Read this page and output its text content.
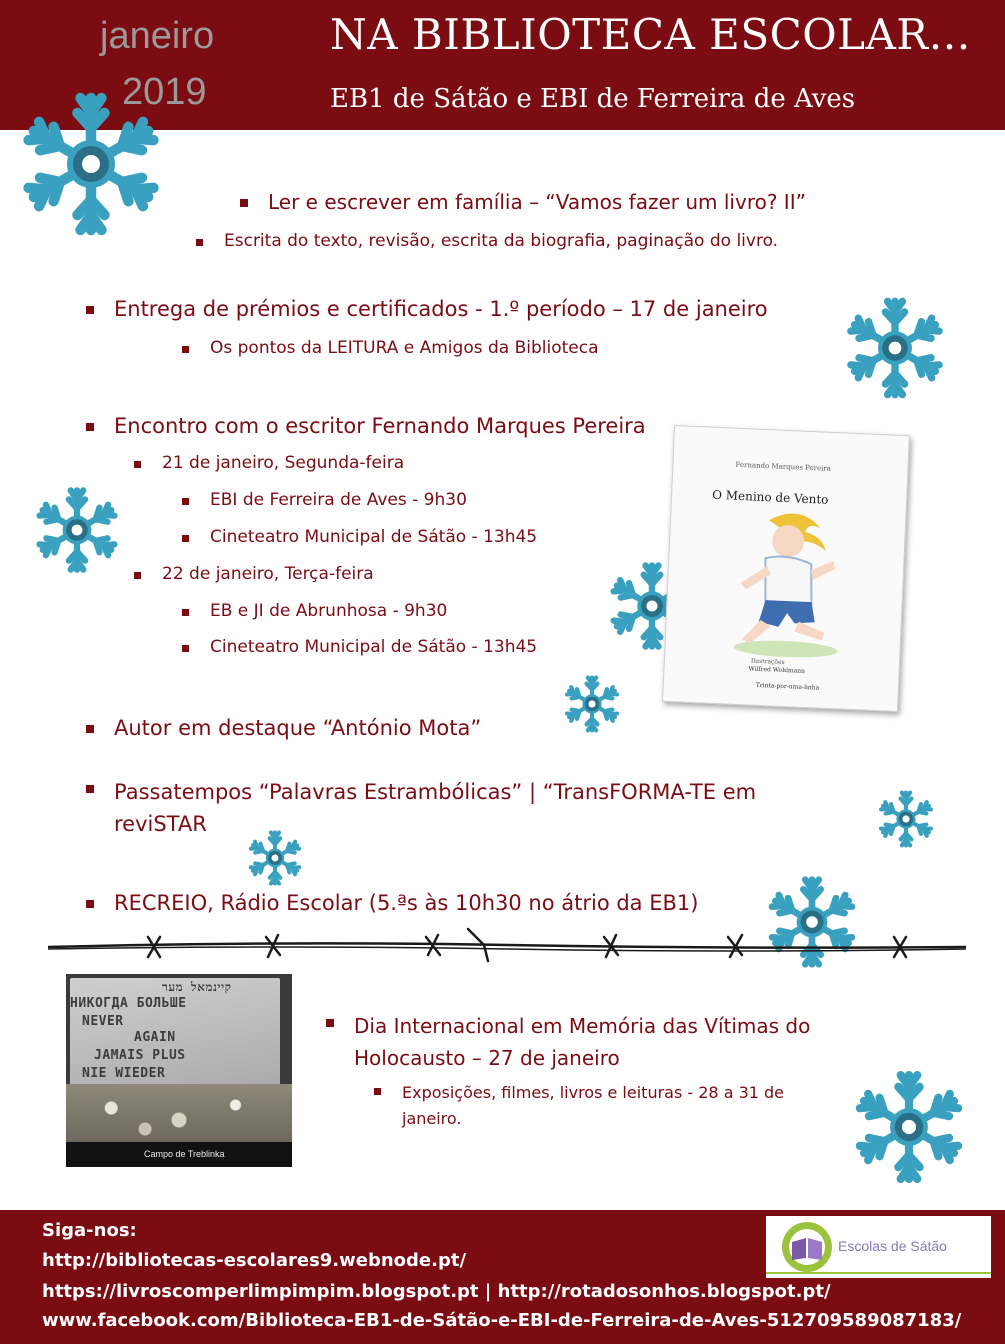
janeiro
2019
NA BIBLIOTECA ESCOLAR…
EB1 de Sátão e EBI de Ferreira de Aves
Ler e escrever em família – “Vamos fazer um livro? II”
Escrita do texto, revisão, escrita da biografia, paginação do livro.
Entrega de prémios e certificados - 1.º período – 17 de janeiro
Os pontos da LEITURA e Amigos da Biblioteca
Encontro com o escritor Fernando Marques Pereira
21 de janeiro, Segunda-feira
EBI de Ferreira de Aves - 9h30
Cineteatro Municipal de Sátão - 13h45
22 de janeiro, Terça-feira
EB e JI de Abrunhosa - 9h30
Cineteatro Municipal de Sátão - 13h45
Autor em destaque “António Mota”
Passatempos “Palavras Estrambólicas” | “TransFORMA-TE em reviSTAR
RECREIO, Rádio Escolar (5.ªs às 10h30 no átrio da EB1)
Fernando Marques Pereira
O Menino de Vento
Ilustrações
Wilfred Wohlmann
Trinta-por-uma-linha
קיינמאל מער
НИКОГДА БОЛЬШЕ
NEVER
AGAIN
JAMAIS PLUS
NIE WIEDER
Campo de Treblinka
Dia Internacional em Memória das Vítimas do Holocausto – 27 de janeiro
Exposições, filmes, livros e leituras - 28 a 31 de janeiro.
Siga-nos:
http://bibliotecas-escolares9.webnode.pt/
https://livroscomperlimpimpim.blogspot.pt | http://rotadosonhos.blogspot.pt/
www.facebook.com/Biblioteca-EB1-de-Sátão-e-EBI-de-Ferreira-de-Aves-512709589087183/
Escolas de Sátão
